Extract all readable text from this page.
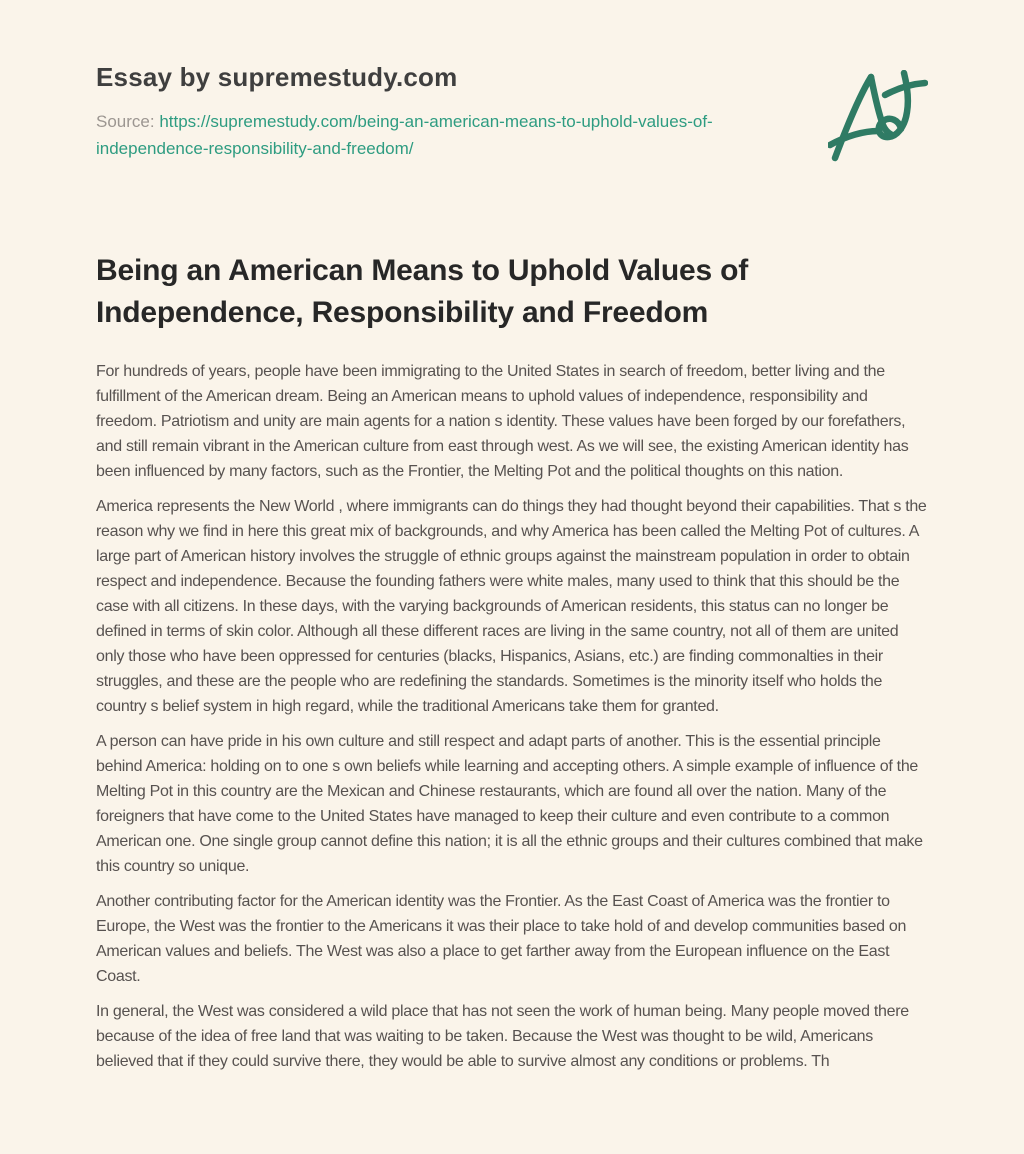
Essay by supremestudy.com

Source: https://supremestudy.com/being-an-american-means-to-uphold-values-of-independence-responsibility-and-freedom/

Being an American Means to Uphold Values of Independence, Responsibility and Freedom

For hundreds of years, people have been immigrating to the United States in search of freedom, better living and the fulfillment of the American dream. Being an American means to uphold values of independence, responsibility and freedom. Patriotism and unity are main agents for a nation s identity. These values have been forged by our forefathers, and still remain vibrant in the American culture from east through west. As we will see, the existing American identity has been influenced by many factors, such as the Frontier, the Melting Pot and the political thoughts on this nation.

America represents the New World , where immigrants can do things they had thought beyond their capabilities. That s the reason why we find in here this great mix of backgrounds, and why America has been called the Melting Pot of cultures. A large part of American history involves the struggle of ethnic groups against the mainstream population in order to obtain respect and independence. Because the founding fathers were white males, many used to think that this should be the case with all citizens. In these days, with the varying backgrounds of American residents, this status can no longer be defined in terms of skin color. Although all these different races are living in the same country, not all of them are united only those who have been oppressed for centuries (blacks, Hispanics, Asians, etc.) are finding commonalties in their struggles, and these are the people who are redefining the standards. Sometimes is the minority itself who holds the country s belief system in high regard, while the traditional Americans take them for granted.

A person can have pride in his own culture and still respect and adapt parts of another. This is the essential principle behind America: holding on to one s own beliefs while learning and accepting others. A simple example of influence of the Melting Pot in this country are the Mexican and Chinese restaurants, which are found all over the nation. Many of the foreigners that have come to the United States have managed to keep their culture and even contribute to a common American one. One single group cannot define this nation; it is all the ethnic groups and their cultures combined that make this country so unique.

Another contributing factor for the American identity was the Frontier. As the East Coast of America was the frontier to Europe, the West was the frontier to the Americans it was their place to take hold of and develop communities based on American values and beliefs. The West was also a place to get farther away from the European influence on the East Coast.

In general, the West was considered a wild place that has not seen the work of human being. Many people moved there because of the idea of free land that was waiting to be taken. Because the West was thought to be wild, Americans believed that if they could survive there, they would be able to survive almost any conditions or problems. Th
